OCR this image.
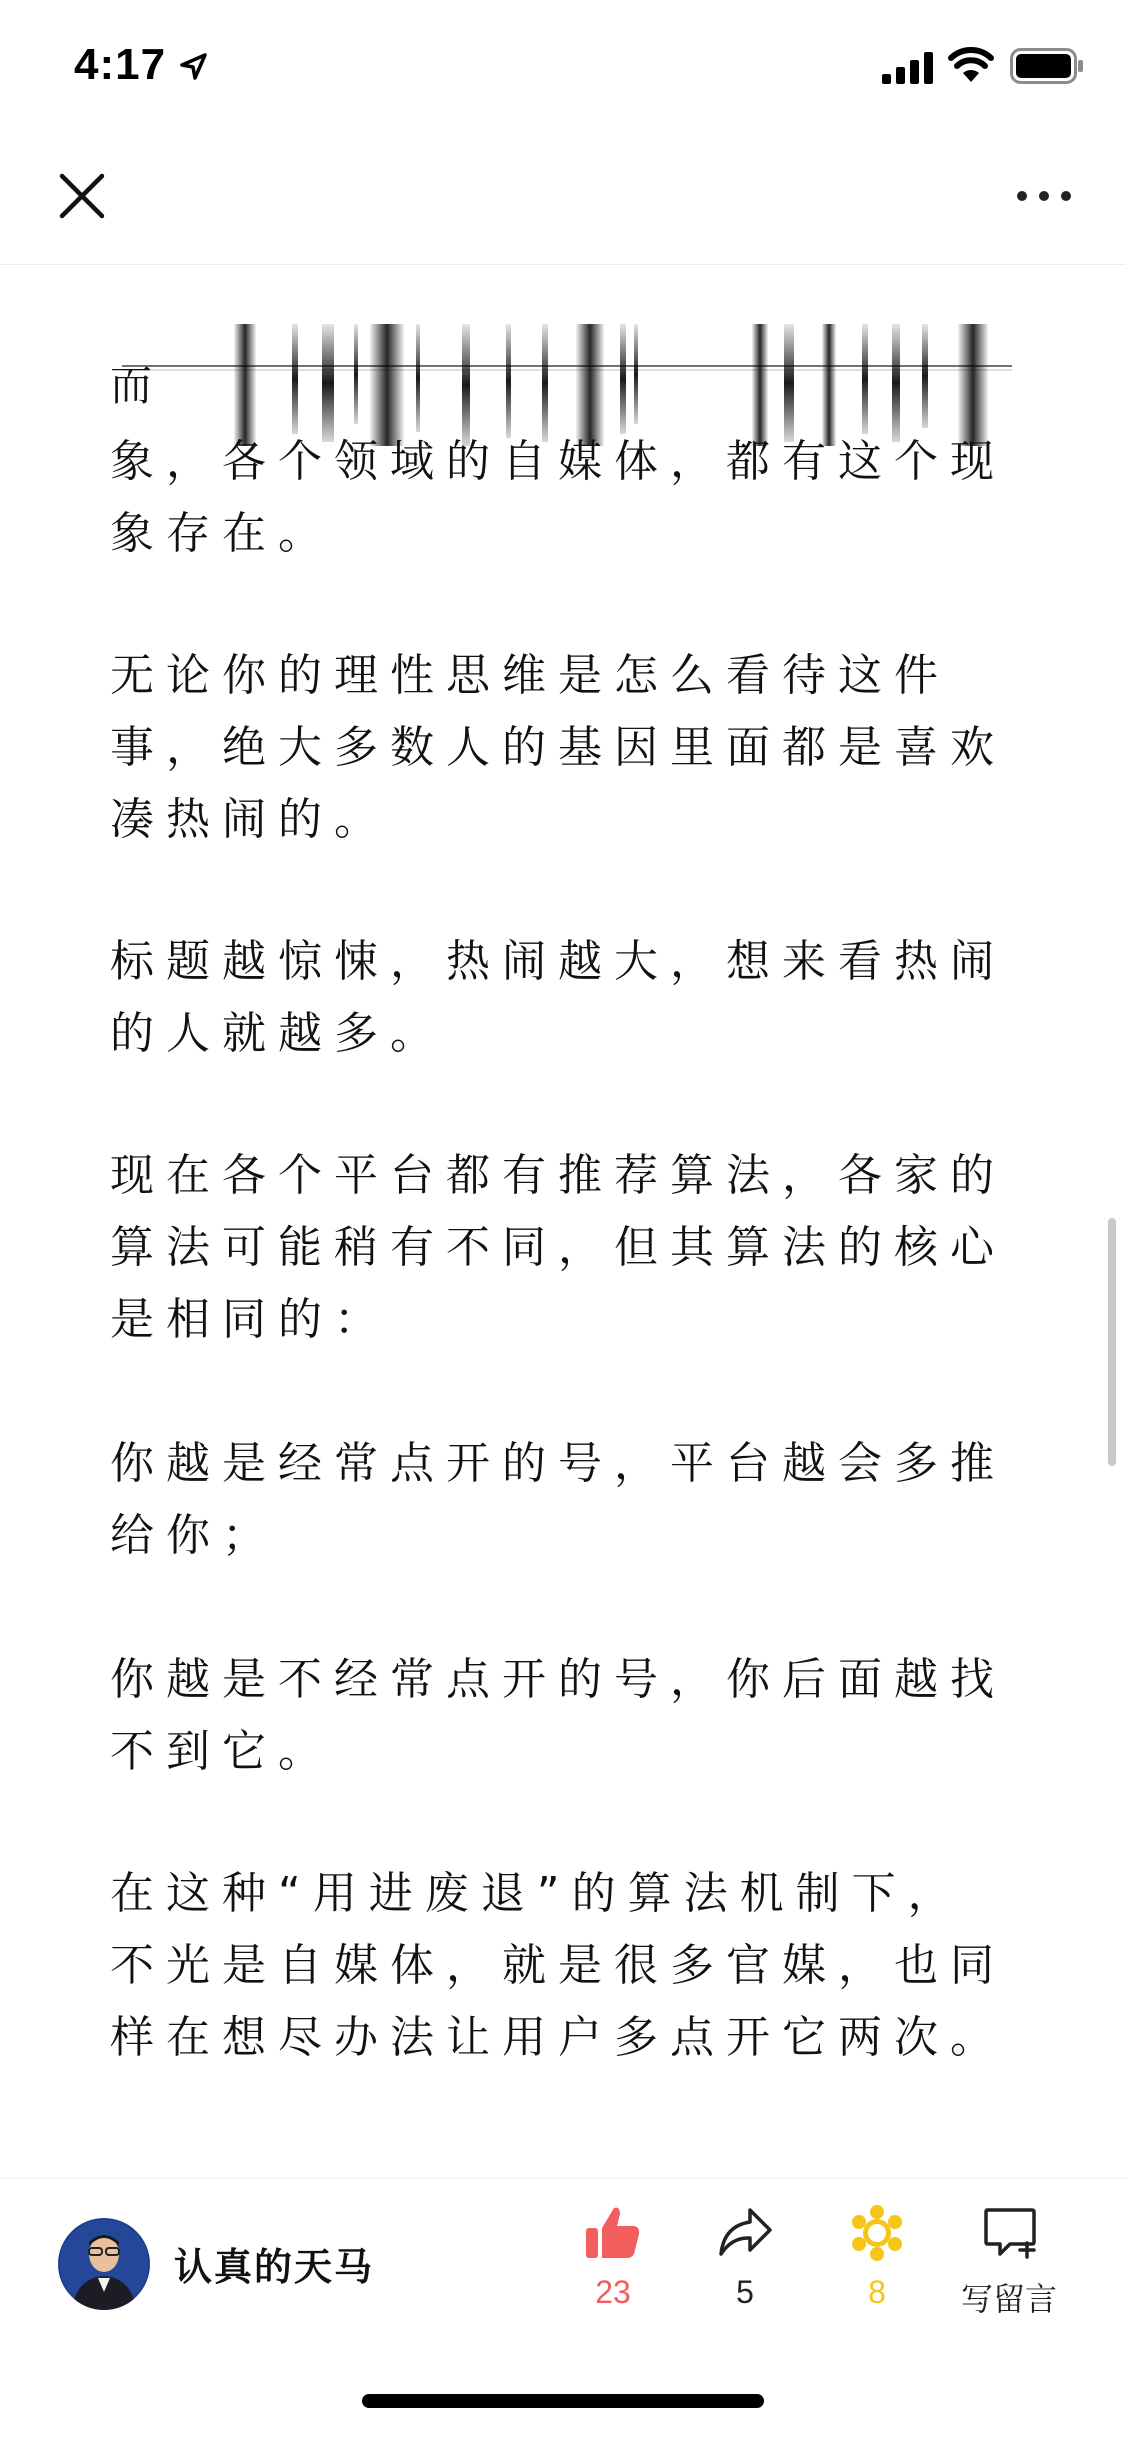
4:17
而

象，各个领域的自媒体，都有这个现象存在。

无论你的理性思维是怎么看待这件事，绝大多数人的基因里面都是喜欢凑热闹的。

标题越惊悚，热闹越大，想来看热闹的人就越多。

现在各个平台都有推荐算法，各家的算法可能稍有不同，但其算法的核心是相同的：

你越是经常点开的号，平台越会多推给你；

你越是不经常点开的号，你后面越找不到它。

在这种“用进废退”的算法机制下，不光是自媒体，就是很多官媒，也同样在想尽办法让用户多点开它两次。

认真的天马
23	5	8	写留言
